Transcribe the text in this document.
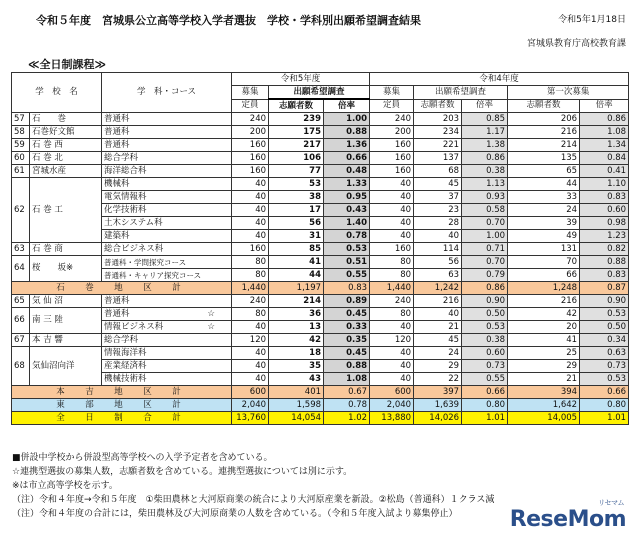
令和５年度　宮城県公立高等学校入学者選抜　学校・学科別出願希望調査結果	令和5年1月18日
宮城県教育庁高校教育課
≪全日制課程≫
学　校　名		学　科・コース	令和5年度			令和4年度				
			募集	出願希望調査		募集	出願希望調査		第一次募集	
			定員	志願者数	倍率	定員	志願者数	倍率	志願者数	倍率
57	石　　巻	普通科	240	239	1.00	240	203	0.85	206	0.86
58	石巻好文館	普通科	200	175	0.88	200	234	1.17	216	1.08
59	石 巻 西	普通科	160	217	1.36	160	221	1.38	214	1.34
60	石 巻 北	総合学科	160	106	0.66	160	137	0.86	135	0.84
61	宮城水産	海洋総合科	160	77	0.48	160	68	0.38	65	0.41
62	石 巻 工	機械科	40	53	1.33	40	45	1.13	44	1.10
		電気情報科	40	38	0.95	40	37	0.93	33	0.83
		化学技術科	40	17	0.43	40	23	0.58	24	0.60
		土木システム科	40	56	1.40	40	28	0.70	39	0.98
		建築科	40	31	0.78	40	40	1.00	49	1.23
63	石 巻 商	総合ビジネス科	160	85	0.53	160	114	0.71	131	0.82
64	桜　　坂※	普通科・学問探究コース	80	41	0.51	80	56	0.70	70	0.88
		普通科・キャリア探究コース	80	44	0.55	80	63	0.79	66	0.83
石　巻　地　区　計			1,440	1,197	0.83	1,440	1,242	0.86	1,248	0.87
65	気 仙 沼	普通科	240	214	0.89	240	216	0.90	216	0.90
66	南 三 陸	普通科 ☆	80	36	0.45	80	40	0.50	42	0.53
		情報ビジネス科 ☆	40	13	0.33	40	21	0.53	20	0.50
67	本 吉 響	総合学科	120	42	0.35	120	45	0.38	41	0.34
68	気仙沼向洋	情報海洋科	40	18	0.45	40	24	0.60	25	0.63
		産業経済科	40	35	0.88	40	29	0.73	29	0.73
		機械技術科	40	43	1.08	40	22	0.55	21	0.53
本　吉　地　区　計			600	401	0.67	600	397	0.66	394	0.66
東　部　地　区　計			2,040	1,598	0.78	2,040	1,639	0.80	1,642	0.80
全　日　制　合　計			13,760	14,054	1.02	13,880	14,026	1.01	14,005	1.01
■併設中学校から併設型高等学校への入学予定者を含めている。
☆連携型選抜の募集人数，志願者数を含めている。連携型選抜については別に示す。
※は市立高等学校を示す。
（注）令和４年度→令和５年度　①柴田農林と大河原商業の統合により大河原産業を新設。②松島（普通科）１クラス減
（注）令和４年度の合計には，柴田農林及び大河原商業の人数を含めている。（令和５年度入試より募集停止）
リセマム
ReseMom
